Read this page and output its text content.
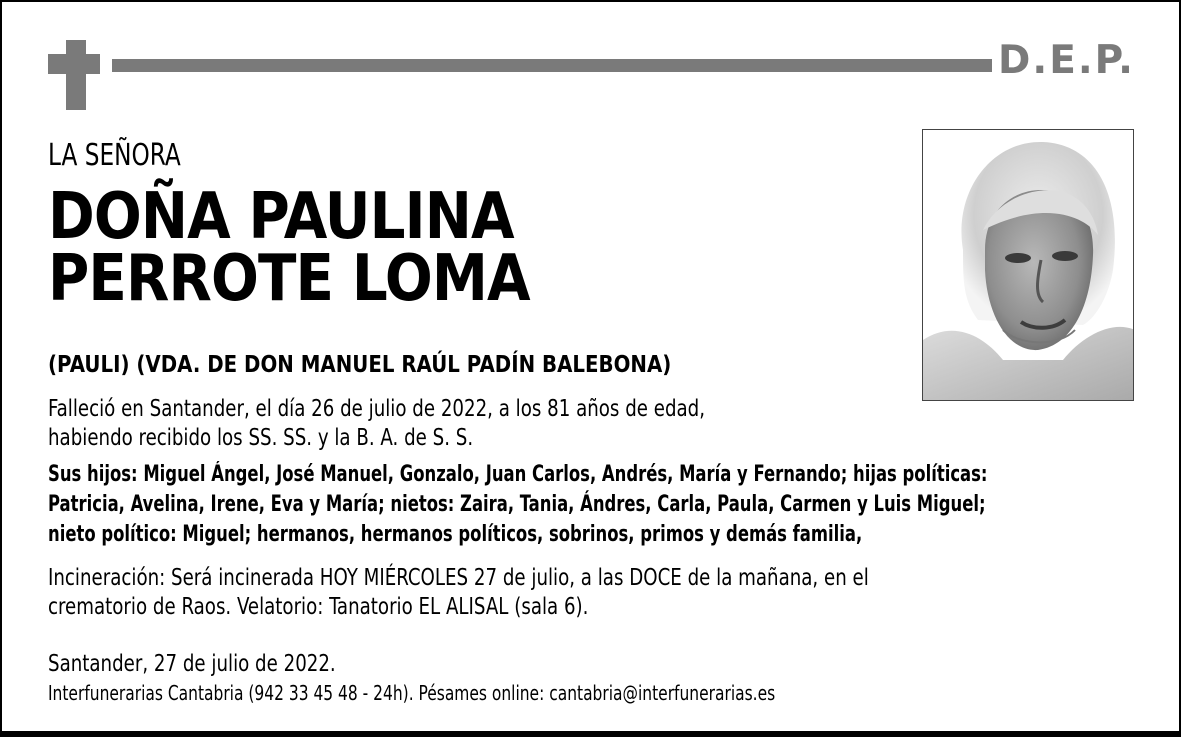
D.E.P.
LA SEÑORA
DOÑA PAULINA
PERROTE LOMA
(PAULI) (VDA. DE DON MANUEL RAÚL PADÍN BALEBONA)
Falleció en Santander, el día 26 de julio de 2022, a los 81 años de edad,
habiendo recibido los SS. SS. y la B. A. de S. S.
Sus hijos: Miguel Ángel, José Manuel, Gonzalo, Juan Carlos, Andrés, María y Fernando; hijas políticas:
Patricia, Avelina, Irene, Eva y María; nietos: Zaira, Tania, Ándres, Carla, Paula, Carmen y Luis Miguel;
nieto político: Miguel; hermanos, hermanos políticos, sobrinos, primos y demás familia,
Incineración: Será incinerada HOY MIÉRCOLES 27 de julio, a las DOCE de la mañana, en el
crematorio de Raos. Velatorio: Tanatorio EL ALISAL (sala 6).
Santander, 27 de julio de 2022.
Interfunerarias Cantabria (942 33 45 48 - 24h). Pésames online: cantabria@interfunerarias.es
